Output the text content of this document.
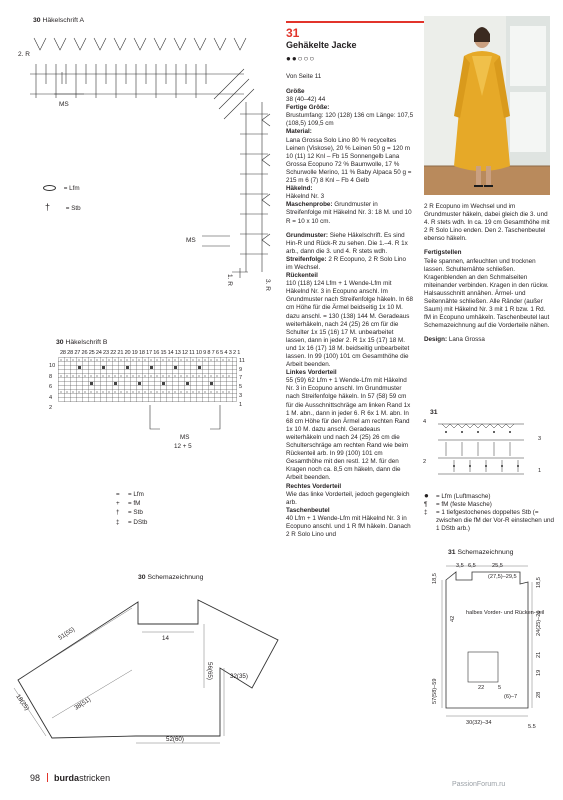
30 Häkelschrift A
2. R
MS
MS
3. R
1. R
= Lfm
†	= Stb
30 Häkelschrift B
28 28 27 26 25 24 23 22 21 20 19 18 17 16 15 14 13 12 11 10 9 8 7 6 5 4 3 2 1
10
8
6
4
2
11
9
7
5
3
1
MS
12 + 5
= = Lfm
+ = fM
† = Stb
‡ = DStb
30 Schemazeichnung
51(55)	14
56(65)
38(51)
18(25)
32(35)
52(60)
31
Gehäkelte Jacke
●●○○○
Von Seite 11

Größe

38 (40–42) 44

Fertige Größe:

Brustumfang: 120 (128) 136 cm Länge: 107,5 (108,5) 109,5 cm

Material:

Lana Grossa Solo Lino 80 % recyceltes Leinen (Viskose), 20 % Leinen 50 g = 120 m 10 (11) 12 Knl – Fb 15 Sonnengelb Lana Grossa Ecopuno 72 % Baumwolle, 17 % Schurwolle Merino, 11 % Baby Alpaca 50 g = 215 m 6 (7) 8 Knl – Fb 4 Gelb

Häkelnd:

Häkelnd Nr. 3

Maschenprobe: Grundmuster in Streifenfolge mit Häkelnd Nr. 3: 18 M. und 10 R = 10 x 10 cm.

Grundmuster: Siehe Häkelschrift. Es sind Hin-R und Rück-R zu sehen. Die 1.–4. R 1x arb., dann die 3. und 4. R stets wdh.

Streifenfolge: 2 R Ecopuno, 2 R Solo Lino im Wechsel.

Rückenteil

110 (118) 124 Lfm + 1 Wende-Lfm mit Häkelnd Nr. 3 in Ecopuno anschl. Im Grundmuster nach Streifenfolge häkeln. In 68 cm Höhe für die Ärmel beidseitig 1x 10 M. dazu anschl. = 130 (138) 144 M. Geradeaus weiterhäkeln, nach 24 (25) 26 cm für die Schulter 1x 15 (16) 17 M. unbearbeitet lassen, dann in jeder 2. R 1x 15 (17) 18 M. und 1x 16 (17) 18 M. beidseitig unbearbeitet lassen. In 99 (100) 101 cm Gesamthöhe die Arbeit beenden.

Linkes Vorderteil

55 (59) 62 Lfm + 1 Wende-Lfm mit Häkelnd Nr. 3 in Ecopuno anschl. Im Grundmuster nach Streifenfolge häkeln. In 57 (58) 59 cm für die Ausschnittschräge am linken Rand 1x 1 M. abn., dann in jeder 6. R 6x 1 M. abn. In 68 cm Höhe für den Ärmel am rechten Rand 1x 10 M. dazu anschl. Geradeaus weiterhäkeln und nach 24 (25) 26 cm die Schulterschräge am rechten Rand wie beim Rückenteil arb. In 99 (100) 101 cm Gesamthöhe mit den restl. 12 M. für den Kragen noch ca. 8,5 cm häkeln, dann die Arbeit beenden.

Rechtes Vorderteil

Wie das linke Vorderteil, jedoch gegengleich arb.

Taschenbeutel

40 Lfm + 1 Wende-Lfm mit Häkelnd Nr. 3 in Ecopuno anschl. und 1 R fM häkeln. Danach 2 R Solo Lino und

2 R Ecopuno im Wechsel und im Grundmuster häkeln, dabei gleich die 3. und 4. R stets wdh. In ca. 19 cm Gesamthöhe mit 2 R Solo Lino enden. Den 2. Taschenbeutel ebenso häkeln.

Fertigstellen

Teile spannen, anfeuchten und trocknen lassen. Schulternähte schließen. Kragenblenden an den Schmalseiten miteinander verbinden. Kragen in den rückw. Halsausschnitt annähen. Ärmel- und Seitennähte schließen. Alle Ränder (außer Saum) mit Häkelnd Nr. 3 mit 1 R bzw. 1 Rd. fM in Ecopuno umhäkeln. Taschenbeutel laut Schemazeichnung auf die Vorderteile nähen.

Design: Lana Grossa

31
4
2
3
1
● = Lfm (Luftmasche)
¶ = fM (feste Masche)
‡	= 1 tiefgestochenes doppeltes Stb (= zwischen die fM der Vor-R einstechen und 1 DStb arb.)
31 Schemazeichnung
3,5 6,5	25,5
(27,5)–29,5
18,5	18,5
42	24(25)–26
halbes Vorder- und Rücken- teil
57(58)–59
21
19
28
22 5
(6)–7
30(32)–34
5,5
98 burdastricken
PassionForum.ru
